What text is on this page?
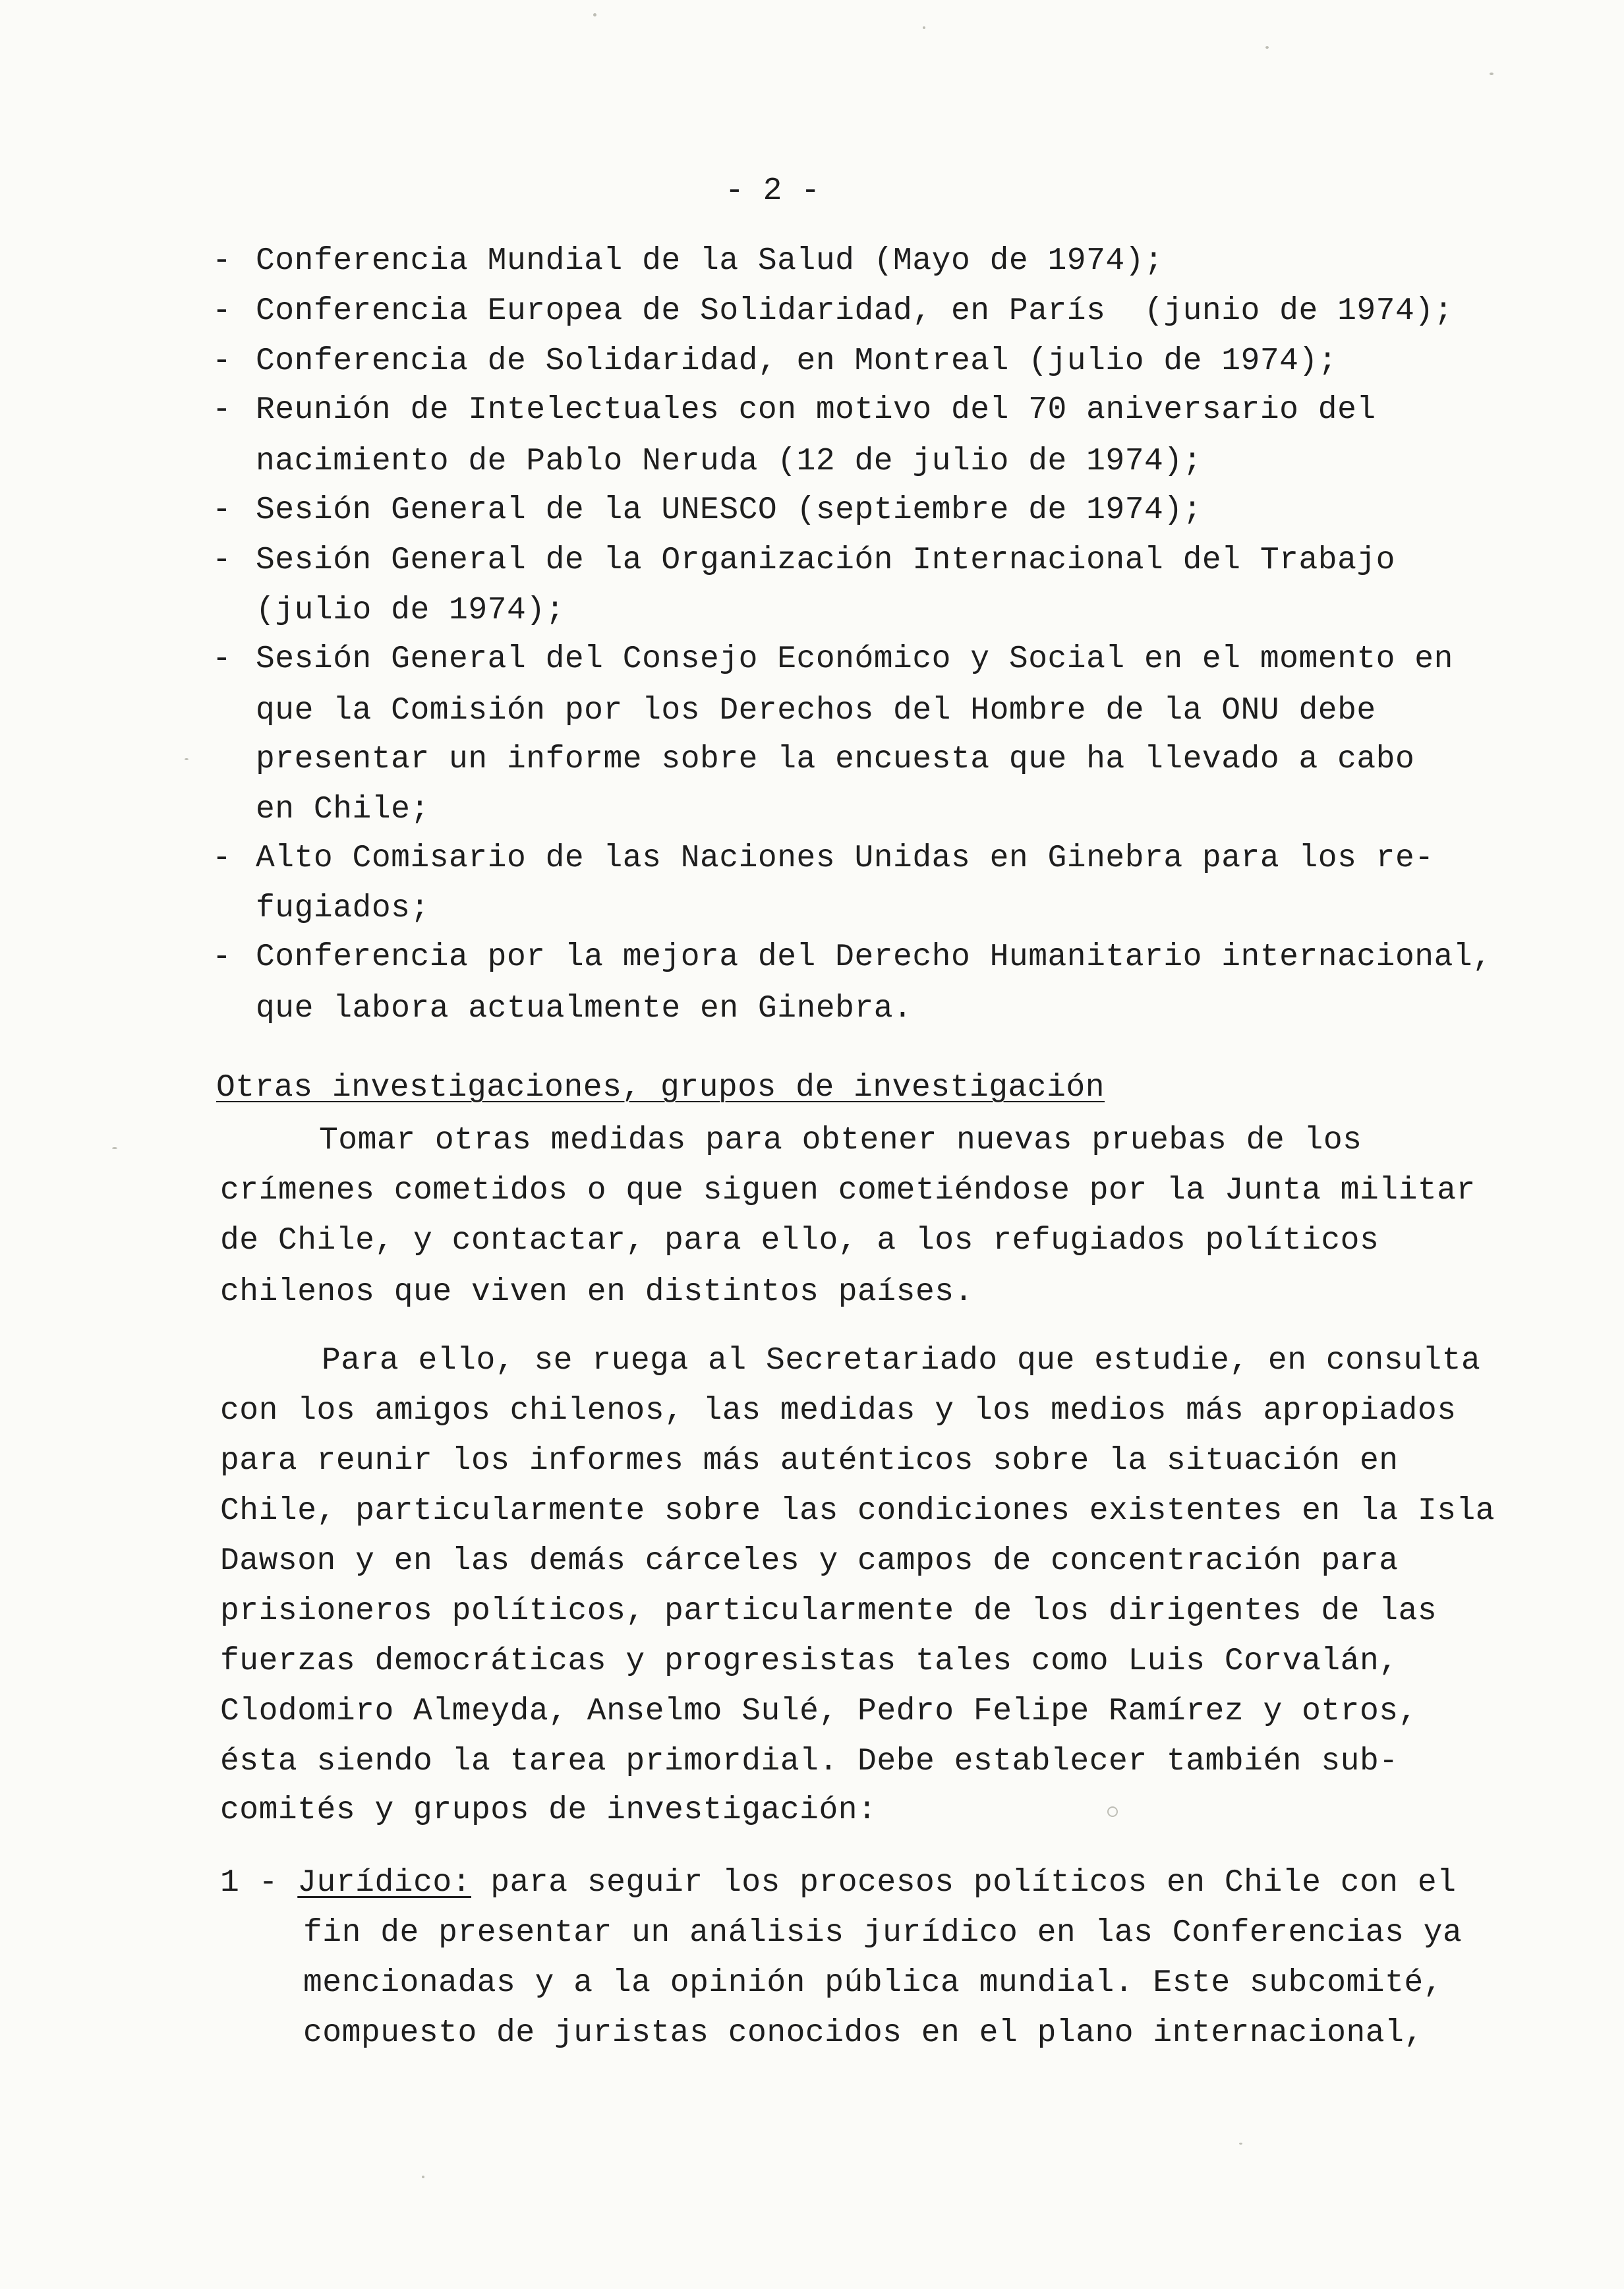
- 2 -
- Conferencia Mundial de la Salud (Mayo de 1974);
- Conferencia Europea de Solidaridad, en París  (junio de 1974);
- Conferencia de Solidaridad, en Montreal (julio de 1974);
- Reunión de Intelectuales con motivo del 70 aniversario del
nacimiento de Pablo Neruda (12 de julio de 1974);
- Sesión General de la UNESCO (septiembre de 1974);
- Sesión General de la Organización Internacional del Trabajo
(julio de 1974);
- Sesión General del Consejo Económico y Social en el momento en
que la Comisión por los Derechos del Hombre de la ONU debe
presentar un informe sobre la encuesta que ha llevado a cabo
en Chile;
- Alto Comisario de las Naciones Unidas en Ginebra para los re-
fugiados;
- Conferencia por la mejora del Derecho Humanitario internacional,
que labora actualmente en Ginebra.
Otras investigaciones, grupos de investigación
Tomar otras medidas para obtener nuevas pruebas de los
crímenes cometidos o que siguen cometiéndose por la Junta militar
de Chile, y contactar, para ello, a los refugiados políticos
chilenos que viven en distintos países.
Para ello, se ruega al Secretariado que estudie, en consulta
con los amigos chilenos, las medidas y los medios más apropiados
para reunir los informes más auténticos sobre la situación en
Chile, particularmente sobre las condiciones existentes en la Isla
Dawson y en las demás cárceles y campos de concentración para
prisioneros políticos, particularmente de los dirigentes de las
fuerzas democráticas y progresistas tales como Luis Corvalán,
Clodomiro Almeyda, Anselmo Sulé, Pedro Felipe Ramírez y otros,
ésta siendo la tarea primordial. Debe establecer también sub-
comités y grupos de investigación:
1 - Jurídico: para seguir los procesos políticos en Chile con el
fin de presentar un análisis jurídico en las Conferencias ya
mencionadas y a la opinión pública mundial. Este subcomité,
compuesto de juristas conocidos en el plano internacional,
